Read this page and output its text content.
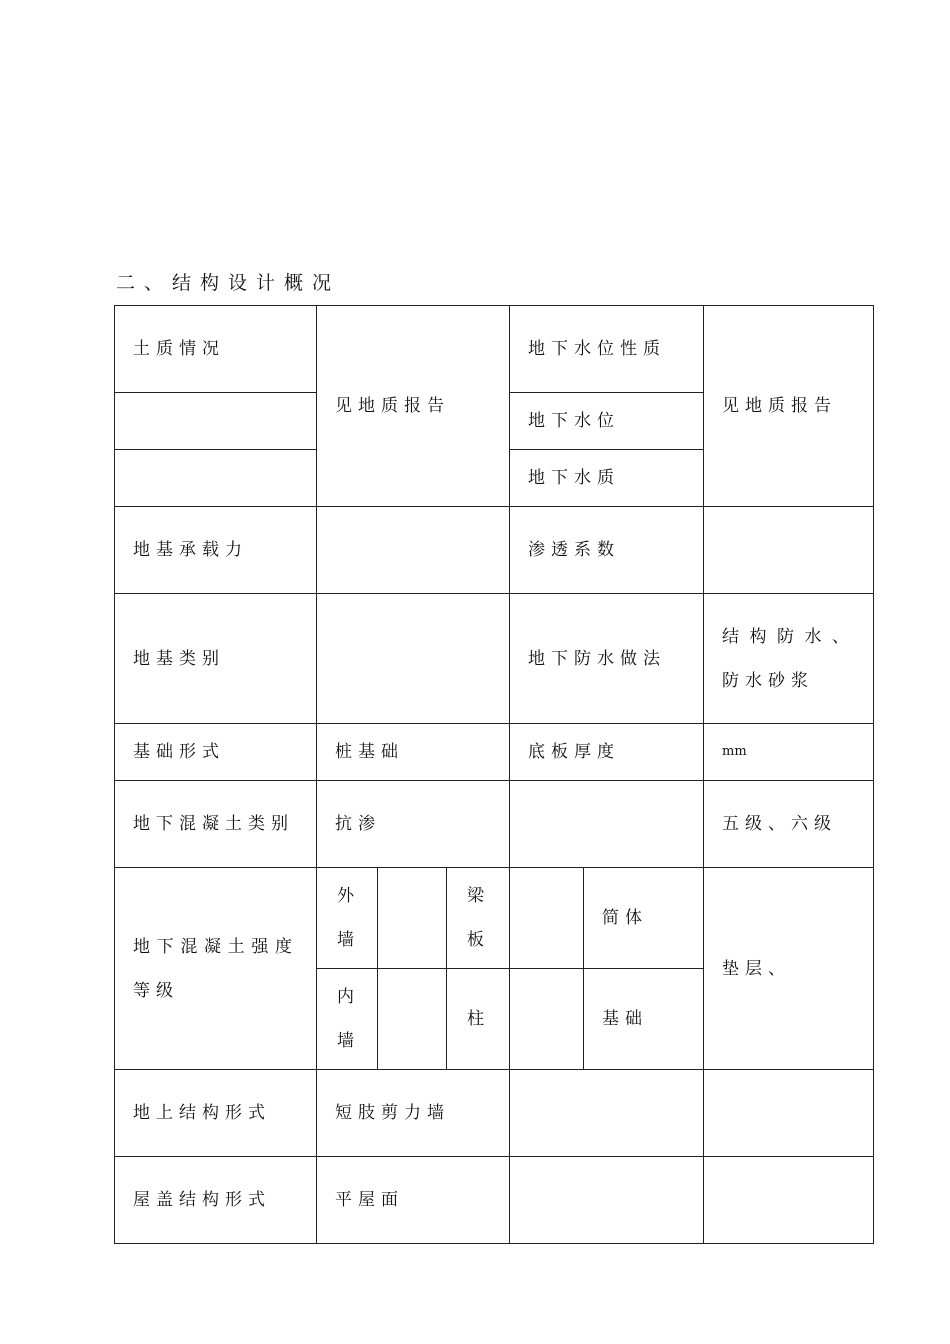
二、结构设计概况
土质情况	见地质报告			地下水位性质		见地质报告
				地下水位		
				地下水质		
地基承载力				渗透系数		
地基类别				地下防水做法		结构防水、防水砂浆
基础形式	桩基础			底板厚度		mm
地下混凝土类别	抗渗					五级、六级
地下混凝土强度等级	外墙		梁板		简体	垫层、
	内墙		柱		基础	
地上结构形式	短肢剪力墙					
屋盖结构形式	平屋面					
